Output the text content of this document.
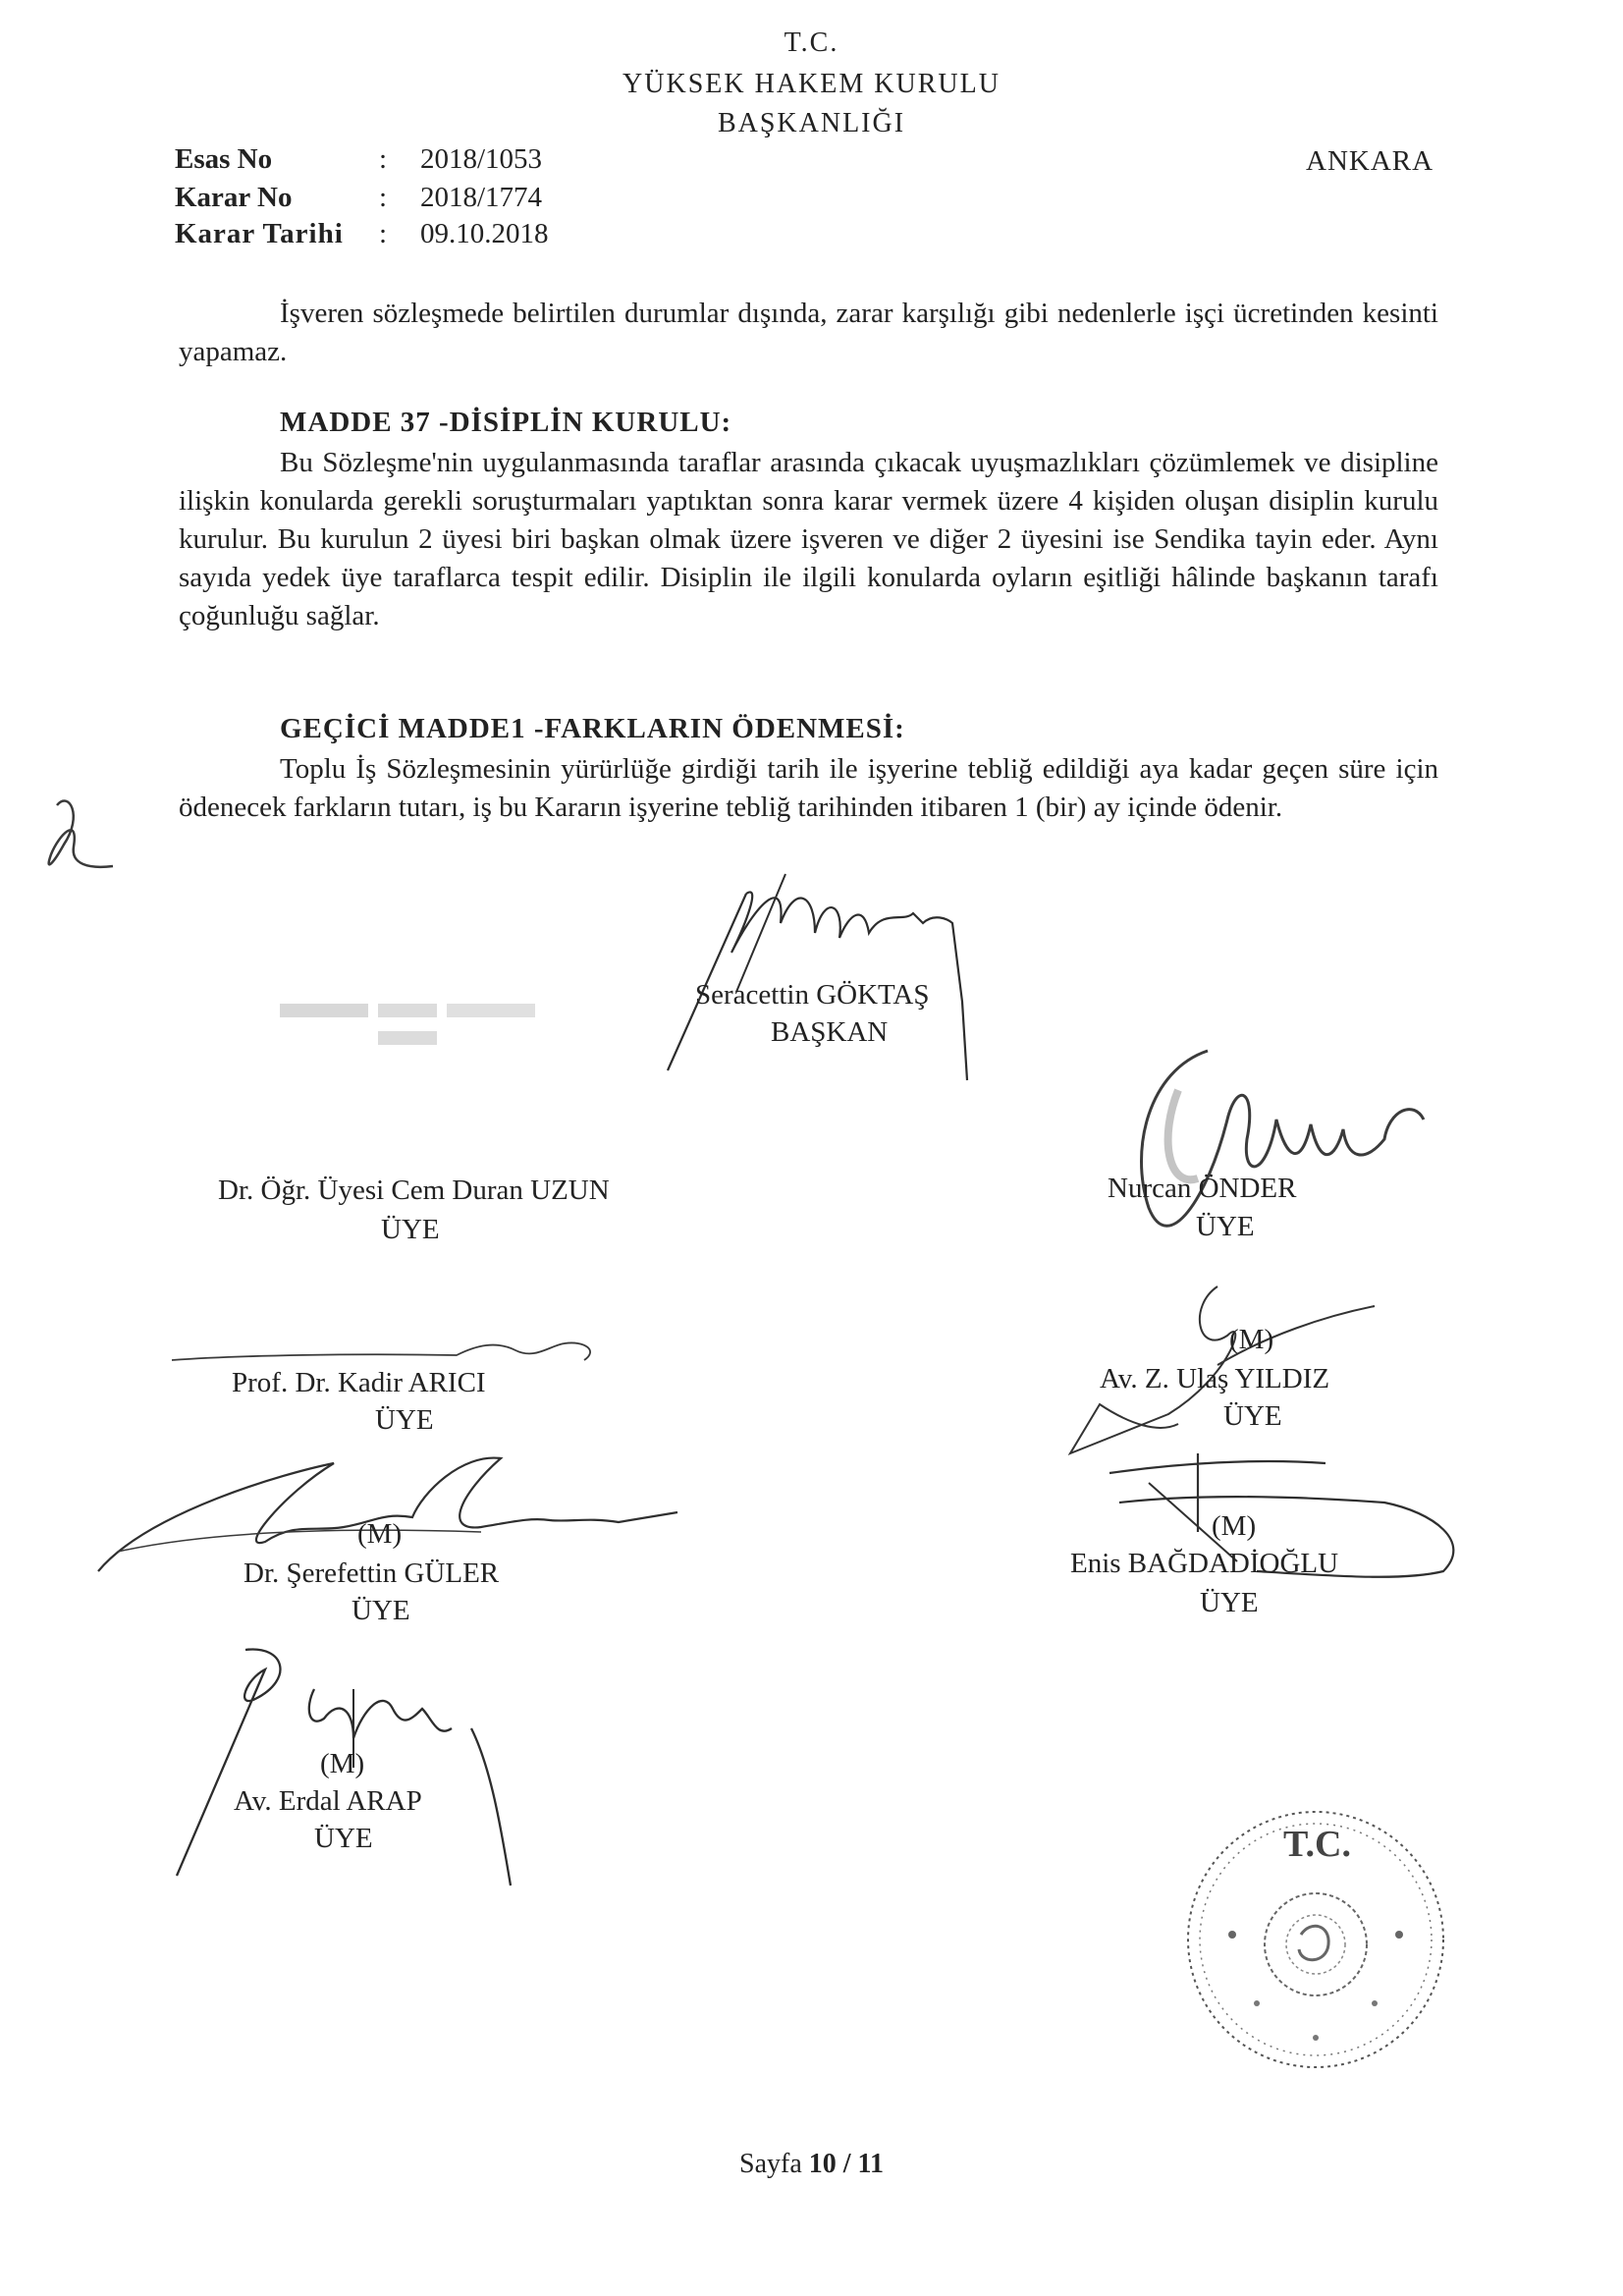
T.C.
YÜKSEK HAKEM KURULU
BAŞKANLIĞI
Esas No	: 2018/1053
Karar No	: 2018/1774
Karar Tarihi : 09.10.2018
ANKARA

İşveren sözleşmede belirtilen durumlar dışında, zarar karşılığı gibi nedenlerle işçi ücretinden kesinti yapamaz.

MADDE 37 -DİSİPLİN KURULU:

Bu Sözleşme'nin uygulanmasında taraflar arasında çıkacak uyuşmazlıkları çözümlemek ve disipline ilişkin konularda gerekli soruşturmaları yaptıktan sonra karar vermek üzere 4 kişiden oluşan disiplin kurulu kurulur. Bu kurulun 2 üyesi biri başkan olmak üzere işveren ve diğer 2 üyesini ise Sendika tayin eder. Aynı sayıda yedek üye taraflarca tespit edilir. Disiplin ile ilgili konularda oyların eşitliği hâlinde başkanın tarafı çoğunluğu sağlar.

GEÇİCİ MADDE1 -FARKLARIN ÖDENMESİ:

Toplu İş Sözleşmesinin yürürlüğe girdiği tarih ile işyerine tebliğ edildiği aya kadar geçen süre için ödenecek farkların tutarı, iş bu Kararın işyerine tebliğ tarihinden itibaren 1 (bir) ay içinde ödenir.

Seracettin GÖKTAŞ
BAŞKAN
Dr. Öğr. Üyesi Cem Duran UZUN
ÜYE
Nurcan ÖNDER
ÜYE
Prof. Dr. Kadir ARICI
ÜYE
(M)
Av. Z. Ulaş YILDIZ
ÜYE
(M)
Dr. Şerefettin GÜLER
ÜYE
(M)
Enis BAĞDADİOĞLU
ÜYE
(M)
Av. Erdal ARAP
ÜYE	T.C.
Sayfa 10 / 11
